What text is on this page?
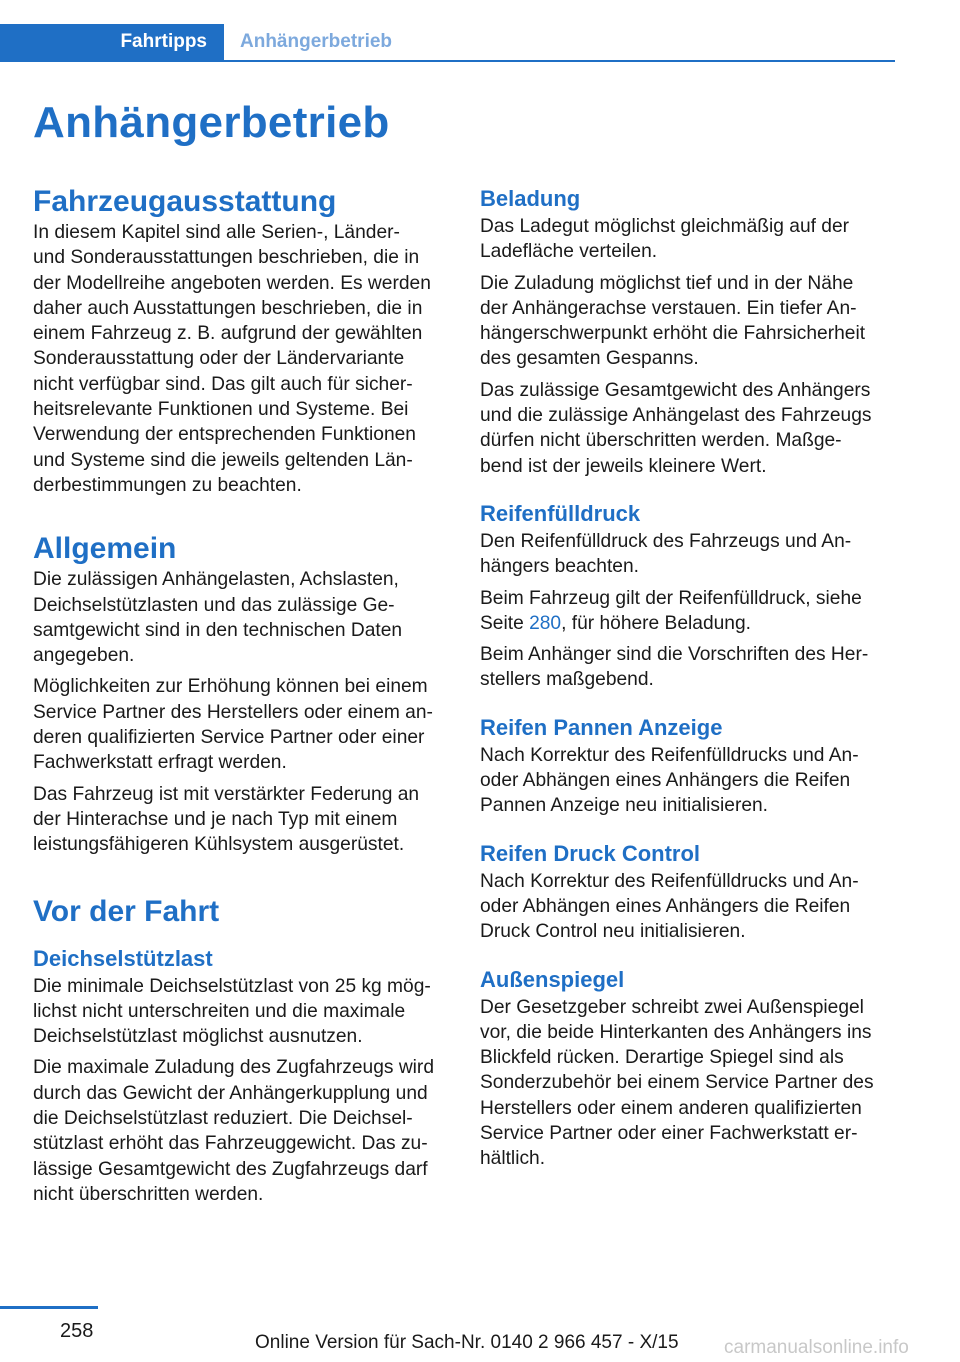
Fahrtipps	Anhängerbetrieb
Anhängerbetrieb
Fahrzeugausstattung
In diesem Kapitel sind alle Serien-, Länder-
und Sonderausstattungen beschrieben, die in
der Modellreihe angeboten werden. Es werden
daher auch Ausstattungen beschrieben, die in
einem Fahrzeug z. B. aufgrund der gewählten
Sonderausstattung oder der Ländervariante
nicht verfügbar sind. Das gilt auch für sicher-
heitsrelevante Funktionen und Systeme. Bei
Verwendung der entsprechenden Funktionen
und Systeme sind die jeweils geltenden Län-
derbestimmungen zu beachten.
Allgemein
Die zulässigen Anhängelasten, Achslasten,
Deichselstützlasten und das zulässige Ge-
samtgewicht sind in den technischen Daten
angegeben.
Möglichkeiten zur Erhöhung können bei einem
Service Partner des Herstellers oder einem an-
deren qualifizierten Service Partner oder einer
Fachwerkstatt erfragt werden.
Das Fahrzeug ist mit verstärkter Federung an
der Hinterachse und je nach Typ mit einem
leistungsfähigeren Kühlsystem ausgerüstet.
Vor der Fahrt
Deichselstützlast
Die minimale Deichselstützlast von 25 kg mög-
lichst nicht unterschreiten und die maximale
Deichselstützlast möglichst ausnutzen.
Die maximale Zuladung des Zugfahrzeugs wird
durch das Gewicht der Anhängerkupplung und
die Deichselstützlast reduziert. Die Deichsel-
stützlast erhöht das Fahrzeuggewicht. Das zu-
lässige Gesamtgewicht des Zugfahrzeugs darf
nicht überschritten werden.
Beladung
Das Ladegut möglichst gleichmäßig auf der
Ladefläche verteilen.
Die Zuladung möglichst tief und in der Nähe
der Anhängerachse verstauen. Ein tiefer An-
hängerschwerpunkt erhöht die Fahrsicherheit
des gesamten Gespanns.
Das zulässige Gesamtgewicht des Anhängers
und die zulässige Anhängelast des Fahrzeugs
dürfen nicht überschritten werden. Maßge-
bend ist der jeweils kleinere Wert.
Reifenfülldruck
Den Reifenfülldruck des Fahrzeugs und An-
hängers beachten.
Beim Fahrzeug gilt der Reifenfülldruck, siehe
Seite 280, für höhere Beladung.
Beim Anhänger sind die Vorschriften des Her-
stellers maßgebend.
Reifen Pannen Anzeige
Nach Korrektur des Reifenfülldrucks und An-
oder Abhängen eines Anhängers die Reifen
Pannen Anzeige neu initialisieren.
Reifen Druck Control
Nach Korrektur des Reifenfülldrucks und An-
oder Abhängen eines Anhängers die Reifen
Druck Control neu initialisieren.
Außenspiegel
Der Gesetzgeber schreibt zwei Außenspiegel
vor, die beide Hinterkanten des Anhängers ins
Blickfeld rücken. Derartige Spiegel sind als
Sonderzubehör bei einem Service Partner des
Herstellers oder einem anderen qualifizierten
Service Partner oder einer Fachwerkstatt er-
hältlich.
258
Online Version für Sach-Nr. 0140 2 966 457 - X/15 carmanualsonline.info
